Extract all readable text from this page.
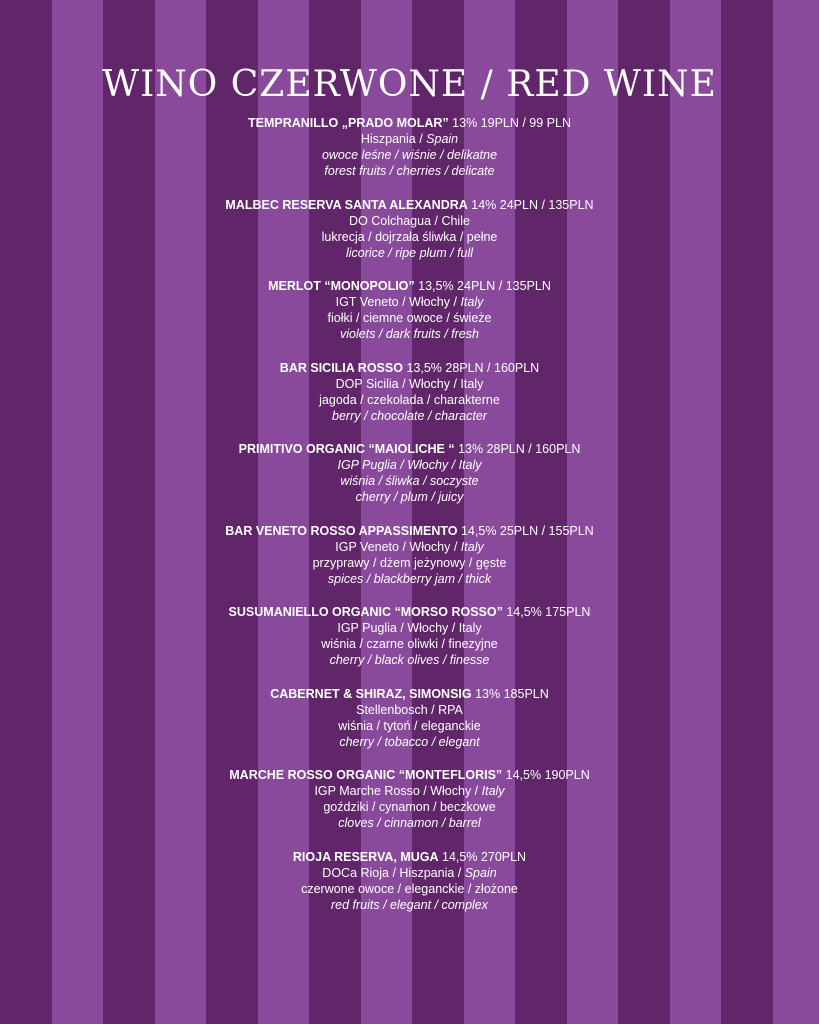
WINO CZERWONE / RED WINE
TEMPRANILLO „PRADO MOLAR” 13% 19PLN / 99 PLN
Hiszpania / Spain
owoce leśne / wiśnie / delikatne
forest fruits / cherries / delicate
MALBEC RESERVA SANTA ALEXANDRA 14% 24PLN / 135PLN
DO Colchagua / Chile
lukrecja / dojrzała śliwka / pełne
licorice / ripe plum / full
MERLOT “MONOPOLIO” 13,5% 24PLN / 135PLN
IGT Veneto / Włochy / Italy
fiołki / ciemne owoce / świeże
violets / dark fruits / fresh
BAR SICILIA ROSSO 13,5% 28PLN / 160PLN
DOP Sicilia / Włochy / Italy
jagoda / czekolada / charakterne
berry / chocolate / character
PRIMITIVO ORGANIC “MAIOLICHE “ 13% 28PLN / 160PLN
IGP Puglia / Włochy / Italy
wiśnia / śliwka / soczyste
cherry / plum / juicy
BAR VENETO ROSSO APPASSIMENTO 14,5% 25PLN / 155PLN
IGP Veneto / Włochy / Italy
przyprawy / dżem jeżynowy / gęste
spices / blackberry jam / thick
SUSUMANIELLO ORGANIC “MORSO ROSSO” 14,5% 175PLN
IGP Puglia / Włochy / Italy
wiśnia / czarne oliwki / finezyjne
cherry / black olives / finesse
CABERNET & SHIRAZ, SIMONSIG 13% 185PLN
Stellenbosch / RPA
wiśnia / tytoń / eleganckie
cherry / tobacco / elegant
MARCHE ROSSO ORGANIC “MONTEFLORIS” 14,5% 190PLN
IGP Marche Rosso / Włochy / Italy
goździki / cynamon / beczkowe
cloves / cinnamon / barrel
RIOJA RESERVA, MUGA 14,5% 270PLN
DOCa Rioja / Hiszpania / Spain
czerwone owoce / eleganckie / złożone
red fruits / elegant / complex
